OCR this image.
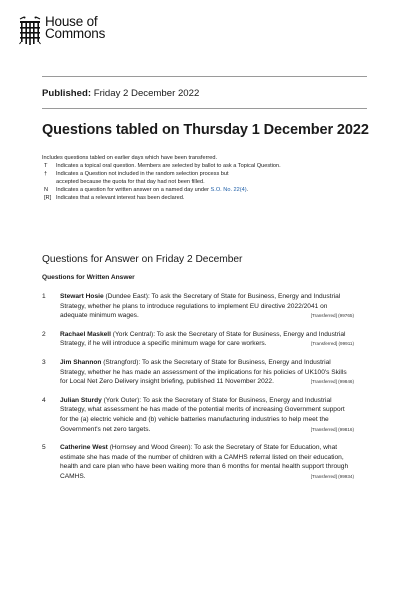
House of
Commons
Published: Friday 2 December 2022
Questions tabled on Thursday 1 December 2022
Includes questions tabled on earlier days which have been transferred.
T	Indicates a topical oral question. Members are selected by ballot to ask a Topical Question.
†	Indicates a Question not included in the random selection process but
accepted because the quota for that day had not been filled.
N	Indicates a question for written answer on a named day under S.O. No. 22(4).
[R] Indicates that a relevant interest has been declared.
Questions for Answer on Friday 2 December
Questions for Written Answer
1	Stewart Hosie (Dundee East): To ask the Secretary of State for Business, Energy and Industrial Strategy, whether he plans to introduce regulations to implement EU directive 2022/2041 on adequate minimum wages.	[Transferred] (99765)
2	Rachael Maskell (York Central): To ask the Secretary of State for Business, Energy and Industrial Strategy, if he will introduce a specific minimum wage for care workers.	[Transferred] (99911)
3	Jim Shannon (Strangford): To ask the Secretary of State for Business, Energy and Industrial Strategy, whether he has made an assessment of the implications for his policies of UK100's Skills for Local Net Zero Delivery insight briefing, published 11 November 2022.	[Transferred] (99846)
4	Julian Sturdy (York Outer): To ask the Secretary of State for Business, Energy and Industrial Strategy, what assessment he has made of the potential merits of increasing Government support for the (a) electric vehicle and (b) vehicle batteries manufacturing industries to help meet the Government's net zero targets.	[Transferred] (99816)
5	Catherine West (Hornsey and Wood Green): To ask the Secretary of State for Education, what estimate she has made of the number of children with a CAMHS referral listed on their education, health and care plan who have been waiting more than 6 months for mental health support through CAMHS.	[Transferred] (99934)
